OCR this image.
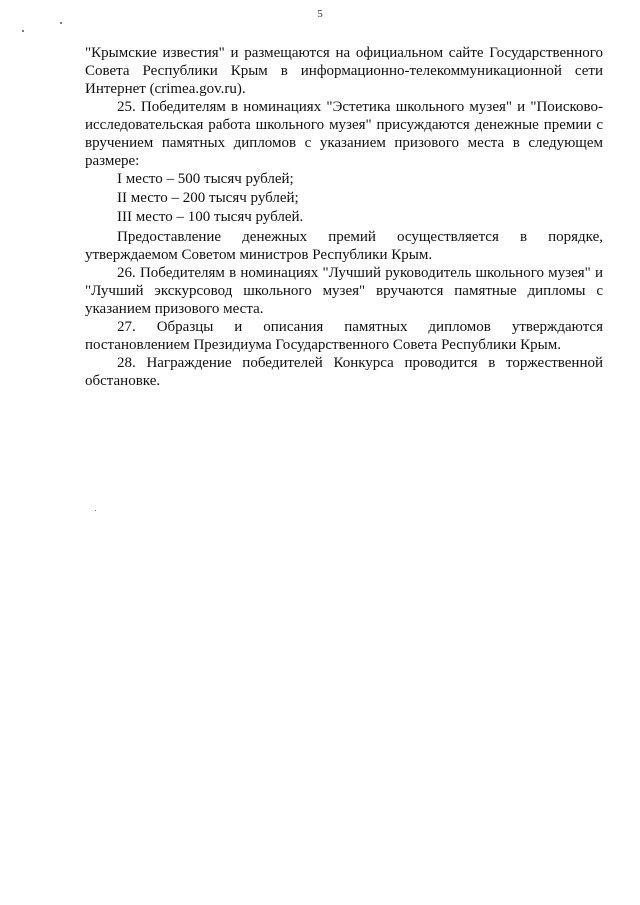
5

"Крымские известия" и размещаются на официальном сайте Государственного Совета Республики Крым в информационно-телекоммуникационной сети Интернет (crimea.gov.ru).

25. Победителям в номинациях "Эстетика школьного музея" и "Поисково-исследовательская работа школьного музея" присуждаются денежные премии с вручением памятных дипломов с указанием призового места в следующем размере:

I место – 500 тысяч рублей;

II место – 200 тысяч рублей;

III место – 100 тысяч рублей.

Предоставление денежных премий осуществляется в порядке, утверждаемом Советом министров Республики Крым.

26. Победителям в номинациях "Лучший руководитель школьного музея" и "Лучший экскурсовод школьного музея" вручаются памятные дипломы с указанием призового места.

27. Образцы и описания памятных дипломов утверждаются постановлением Президиума Государственного Совета Республики Крым.

28. Награждение победителей Конкурса проводится в торжественной обстановке.
